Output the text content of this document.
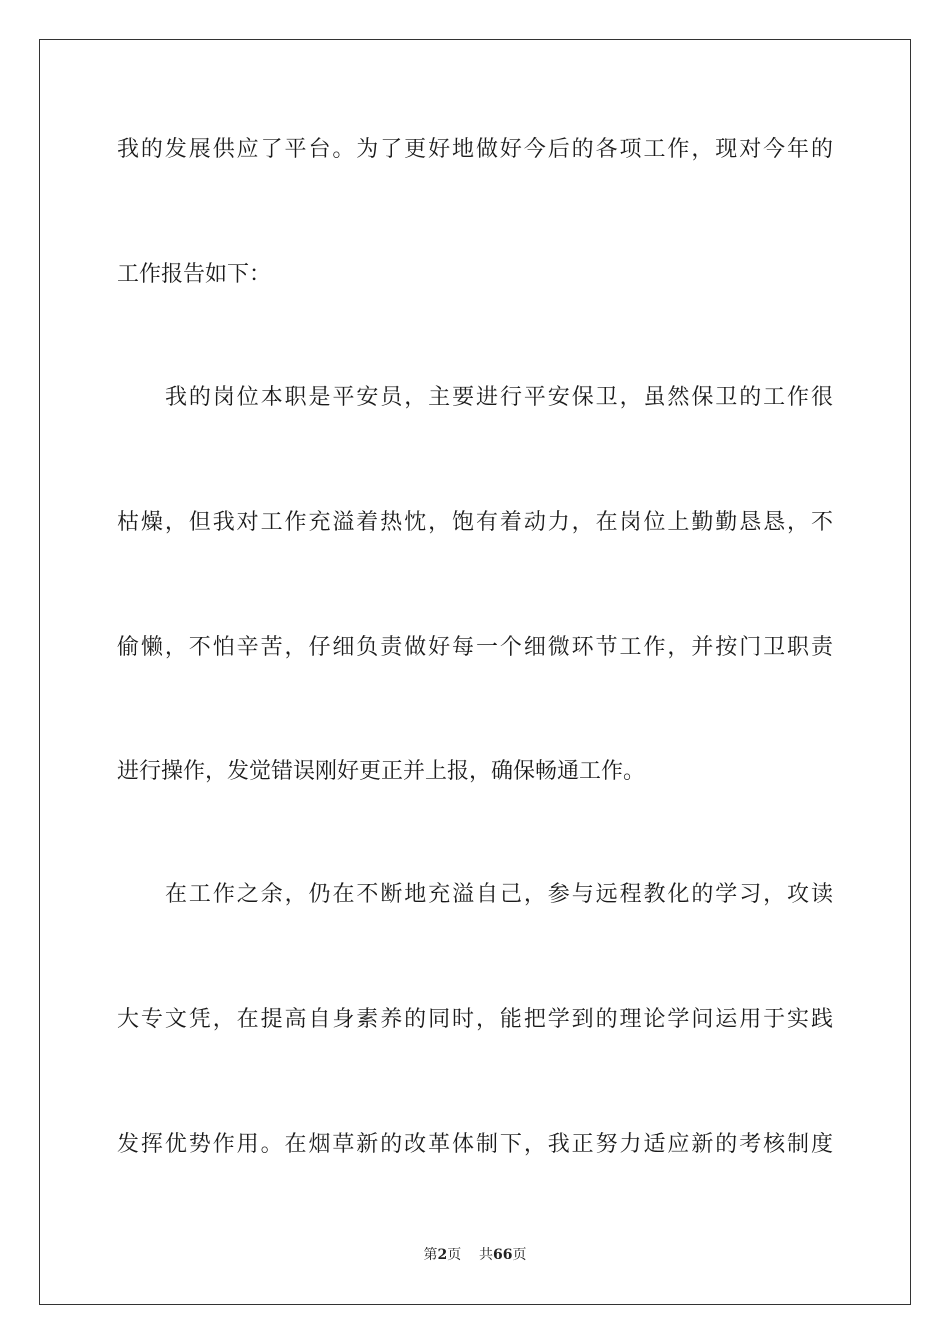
我的发展供应了平台。为了更好地做好今后的各项工作，现对今年的
工作报告如下：
我的岗位本职是平安员，主要进行平安保卫，虽然保卫的工作很
枯燥，但我对工作充溢着热忱，饱有着动力，在岗位上勤勤恳恳，不
偷懒，不怕辛苦，仔细负责做好每一个细微环节工作，并按门卫职责
进行操作，发觉错误刚好更正并上报，确保畅通工作。
在工作之余，仍在不断地充溢自己，参与远程教化的学习，攻读
大专文凭，在提高自身素养的同时，能把学到的理论学问运用于实践
发挥优势作用。在烟草新的改革体制下，我正努力适应新的考核制度
第2页 共66页
